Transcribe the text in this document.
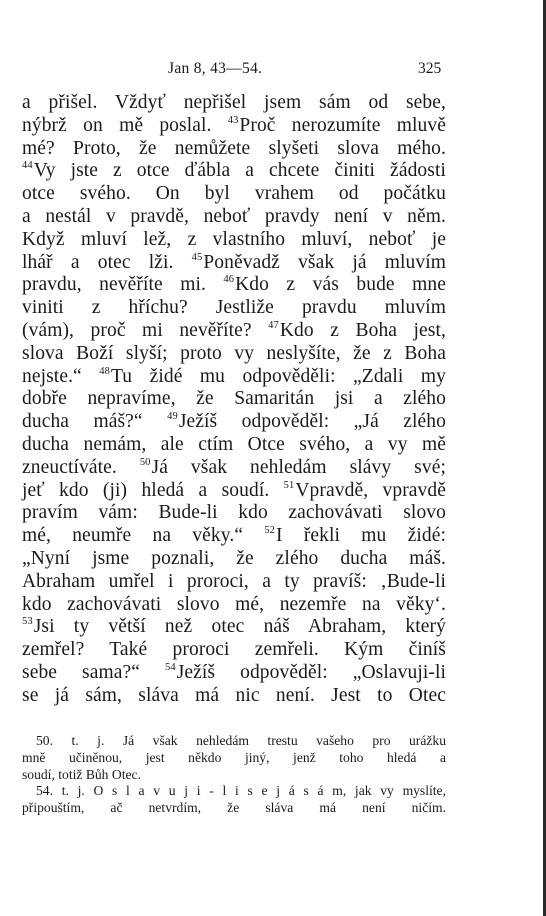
Jan 8, 43—54.	325
a přišel. Vždyť nepřišel jsem sám od sebe,
nýbrž on mě poslal. $^{43}$Proč nerozumíte mluvě
mé? Proto, že nemůžete slyšeti slova mého.
$^{44}$Vy jste z otce ďábla a chcete činiti žádosti
otce svého. On byl vrahem od počátku
a nestál v pravdě, neboť pravdy není v něm.
Když mluví lež, z vlastního mluví, neboť je
lhář a otec lži. $^{45}$Poněvadž však já mluvím
pravdu, nevěříte mi. $^{46}$Kdo z vás bude mne
viniti z hříchu? Jestliže pravdu mluvím
(vám), proč mi nevěříte? $^{47}$Kdo z Boha jest,
slova Boží slyší; proto vy neslyšíte, že z Boha
nejste.“ $^{48}$Tu židé mu odpověděli: „Zdali my
dobře nepravíme, že Samaritán jsi a zlého
ducha máš?“ $^{49}$Ježíš odpověděl: „Já zlého
ducha nemám, ale ctím Otce svého, a vy mě
zneuctíváte. $^{50}$Já však nehledám slávy své;
jeť kdo (ji) hledá a soudí. $^{51}$Vpravdě, vpravdě
pravím vám: Bude-li kdo zachovávati slovo
mé, neumře na věky.“ $^{52}$I řekli mu židé:
„Nyní jsme poznali, že zlého ducha máš.
Abraham umřel i proroci, a ty pravíš: ‚Bude-li
kdo zachovávati slovo mé, nezemře na věky‘.
$^{53}$Jsi ty větší než otec náš Abraham, který
zemřel? Také proroci zemřeli. Kým činíš
sebe sama?“ $^{54}$Ježíš odpověděl: „Oslavuji-li
se já sám, sláva má nic není. Jest to Otec
50. t. j. Já však nehledám trestu vašeho pro urážku
mně učiněnou, jest někdo jiný, jenž toho hledá a
soudí, totiž Bůh Otec.
54. t. j. O s l a v u j i - l i s e j á s á m, jak vy myslíte,
připouštím, ač netvrdím, že sláva má není ničím.
